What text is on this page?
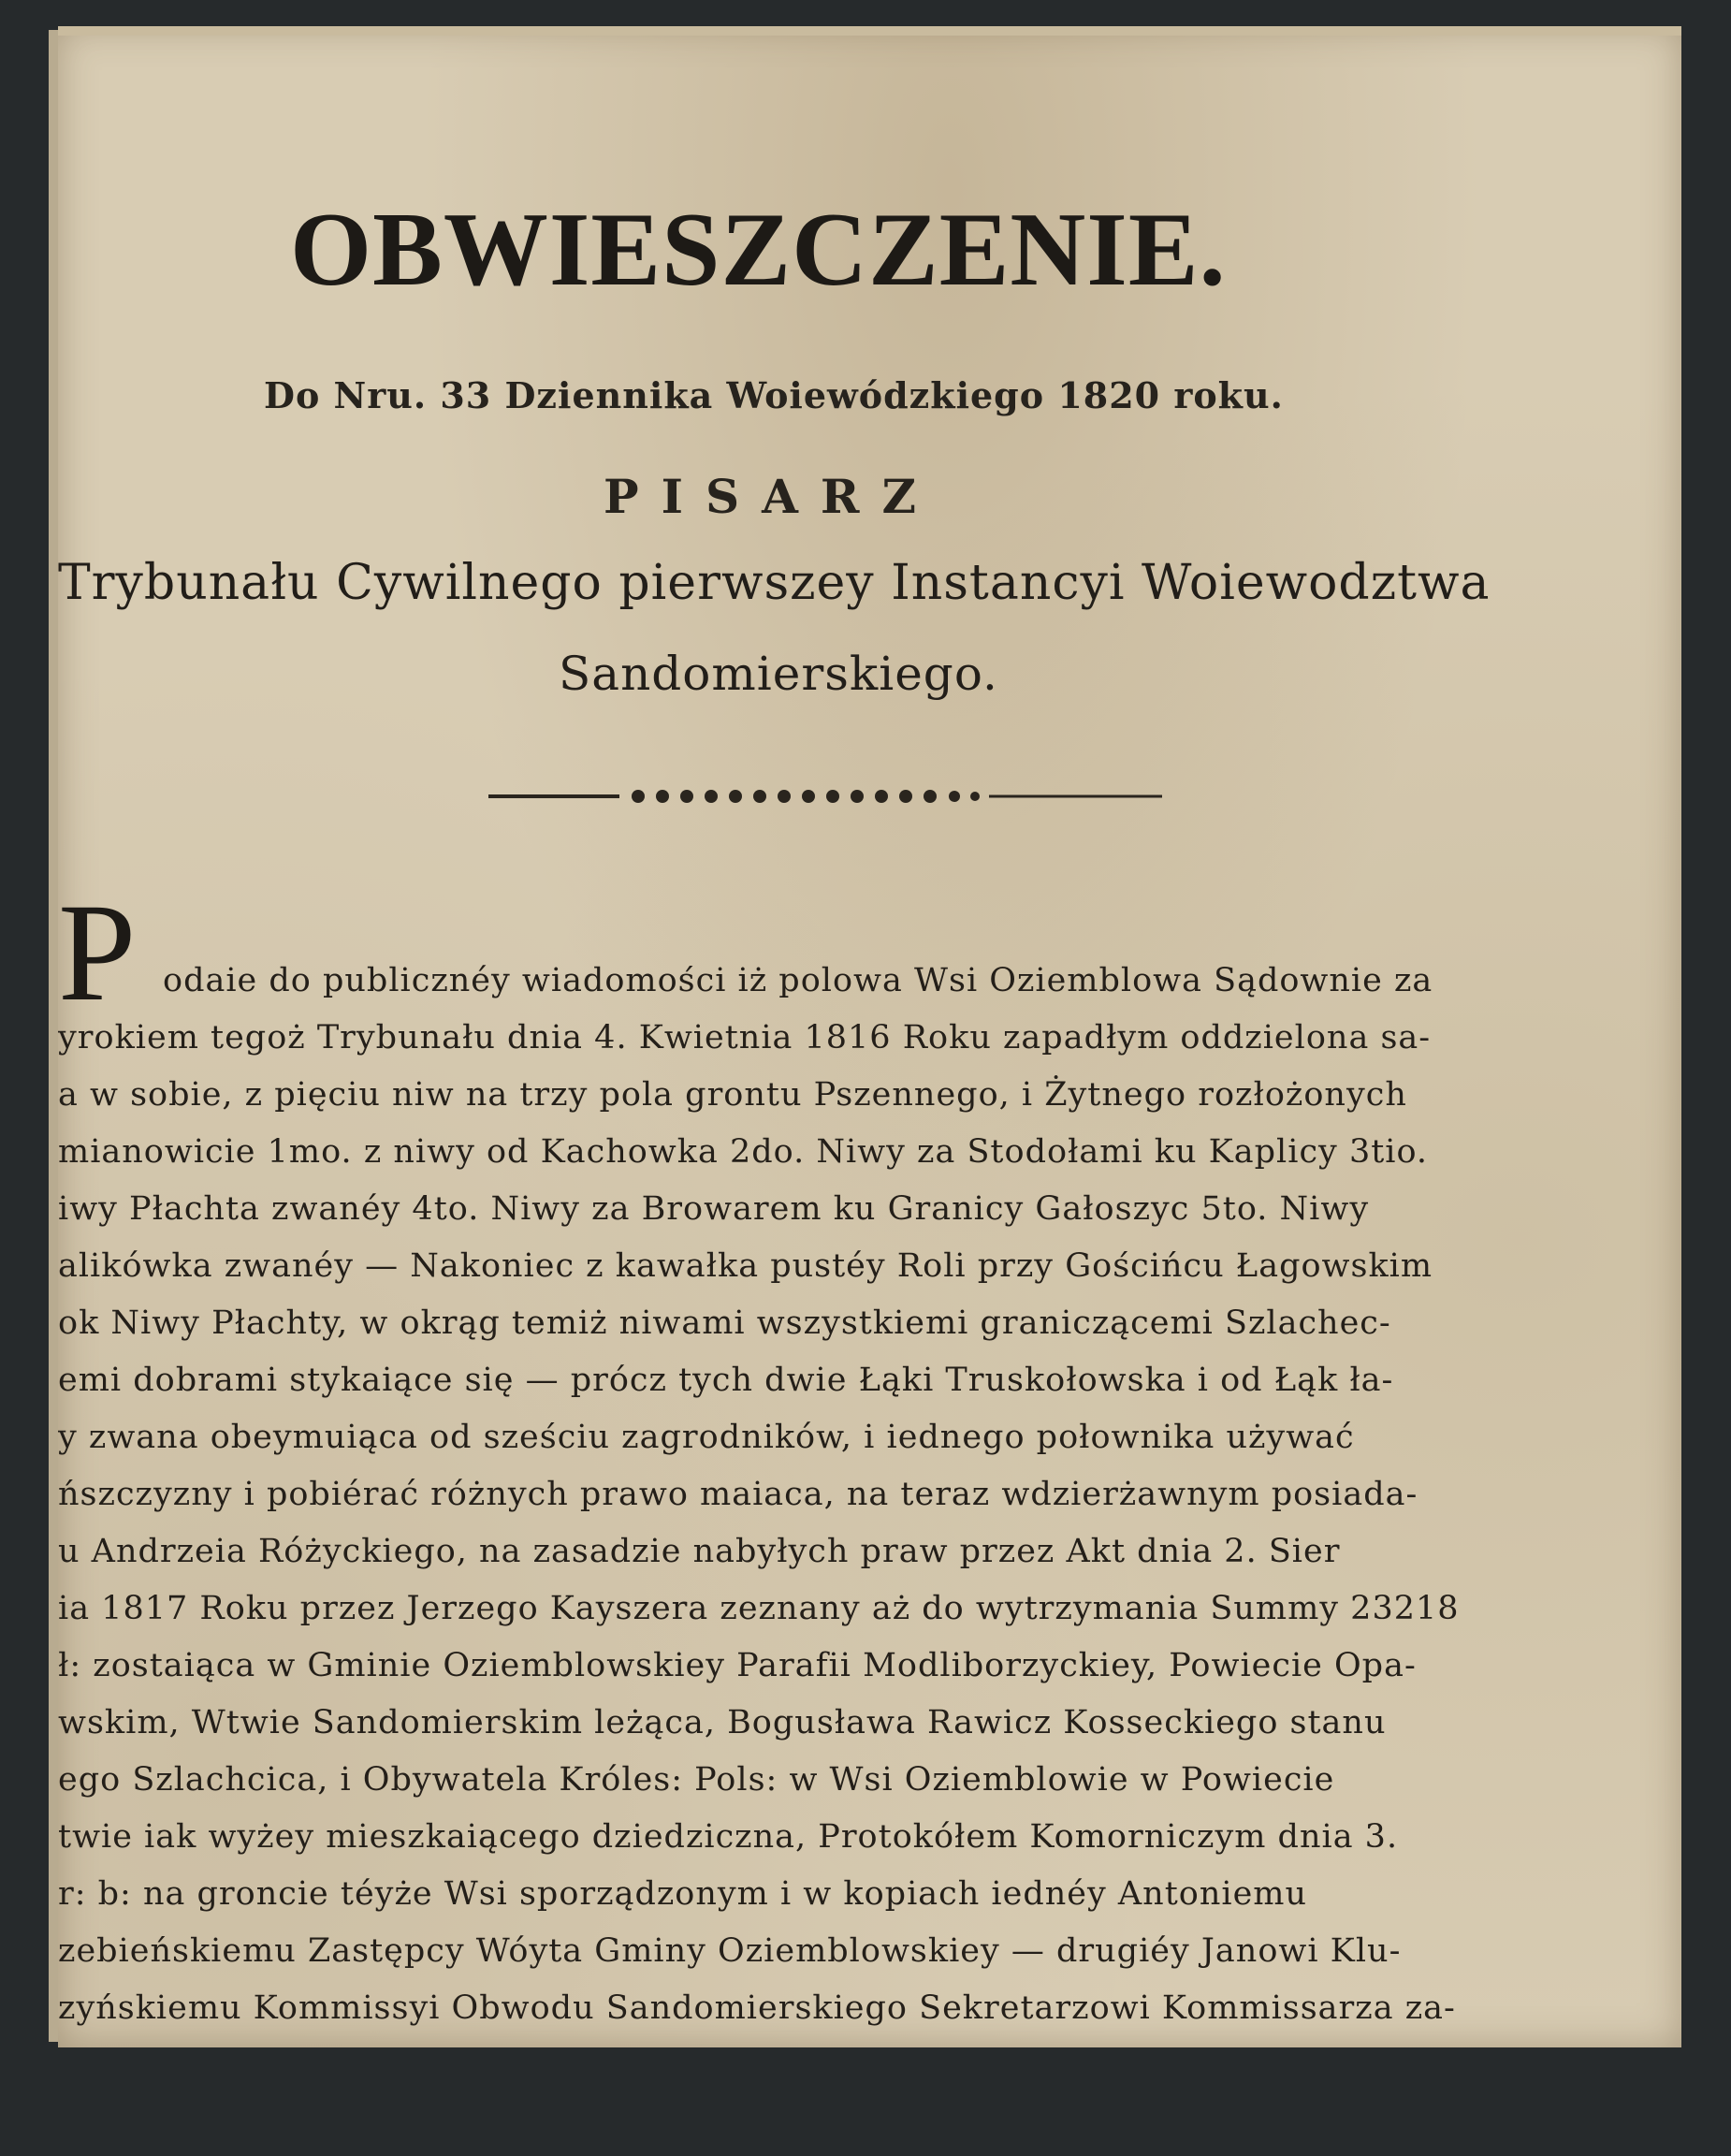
OBWIESZCZENIE.
Do Nru. 33 Dziennika Woiewódzkiego 1820 roku.
PISARZ
Trybunału Cywilnego pierwszey Instancyi Woiewodztwa
Sandomierskiego.
P odaie do publicznéy wiadomości iż polowa Wsi Oziemblowa Sądownie za
yrokiem tegoż Trybunału dnia 4. Kwietnia 1816 Roku zapadłym oddzielona sa-
a w sobie, z pięciu niw na trzy pola grontu Pszennego, i Żytnego rozłożonych
mianowicie 1mo. z niwy od Kachowka 2do. Niwy za Stodołami ku Kaplicy 3tio.
iwy Płachta zwanéy 4to. Niwy za Browarem ku Granicy Gałoszyc 5to. Niwy
alikówka zwanéy — Nakoniec z kawałka pustéy Roli przy Gościńcu Łagowskim
ok Niwy Płachty, w okrąg temiż niwami wszystkiemi graniczącemi Szlachec-
emi dobrami stykaiące się — prócz tych dwie Łąki Truskołowska i od Łąk ła-
y zwana obeymuiąca od sześciu zagrodników, i iednego połownika używać
ńszczyzny i pobiérać różnych prawo maiaca, na teraz wdzierżawnym posiada-
u Andrzeia Różyckiego, na zasadzie nabyłych praw przez Akt dnia 2. Sier
ia 1817 Roku przez Jerzego Kayszera zeznany aż do wytrzymania Summy 23218
ł: zostaiąca w Gminie Oziemblowskiey Parafii Modliborzyckiey, Powiecie Opa-
wskim, Wtwie Sandomierskim leżąca, Bogusława Rawicz Kosseckiego stanu
ego Szlachcica, i Obywatela Króles: Pols: w Wsi Oziemblowie w Powiecie
twie iak wyżey mieszkaiącego dziedziczna, Protokółem Komorniczym dnia 3.
r: b: na groncie téyże Wsi sporządzonym i w kopiach iednéy Antoniemu
zebieńskiemu Zastępcy Wóyta Gminy Oziemblowskiey — drugiéy Janowi Klu-
zyńskiemu Kommissyi Obwodu Sandomierskiego Sekretarzowi Kommissarza za-
